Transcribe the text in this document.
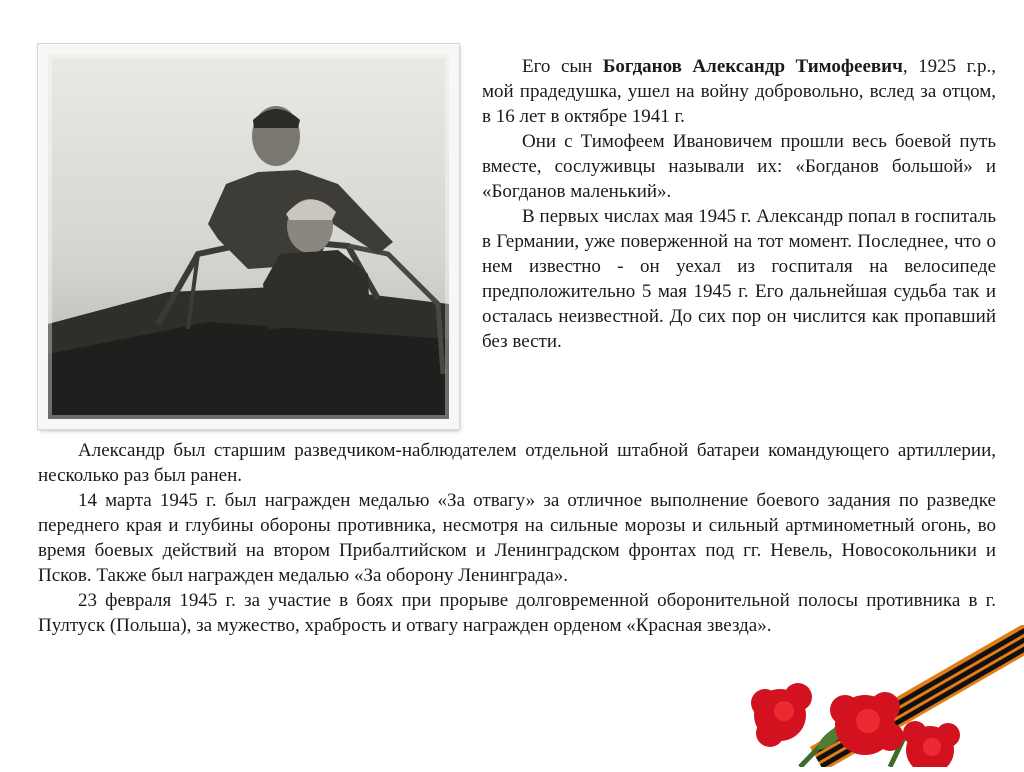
Его сын Богданов Александр Тимофеевич, 1925 г.р., мой прадедушка, ушел на войну добровольно, вслед за отцом, в 16 лет в октябре 1941 г.

Они с Тимофеем Ивановичем прошли весь боевой путь вместе, сослуживцы называли их: «Богданов большой» и «Богданов маленький».

В первых числах мая 1945 г. Александр попал в госпиталь в Германии, уже поверженной на тот момент. Последнее, что о нем известно - он уехал из госпиталя на велосипеде предположительно 5 мая 1945 г. Его дальнейшая судьба так и осталась неизвестной. До сих пор он числится как пропавший без вести.

Александр был старшим разведчиком-наблюдателем отдельной штабной батареи командующего артиллерии, несколько раз был ранен.

14 марта 1945 г. был награжден медалью «За отвагу» за отличное выполнение боевого задания по разведке переднего края и глубины обороны противника, несмотря на сильные морозы и сильный артминометный огонь, во время боевых действий на втором Прибалтийском и Ленинградском фронтах под гг. Невель, Новосокольники и Псков. Также был награжден медалью «За оборону Ленинграда».

23 февраля 1945 г. за участие в боях при прорыве долговременной оборонительной полосы противника в г. Пултуск (Польша), за мужество, храбрость и отвагу награжден орденом «Красная звезда».
